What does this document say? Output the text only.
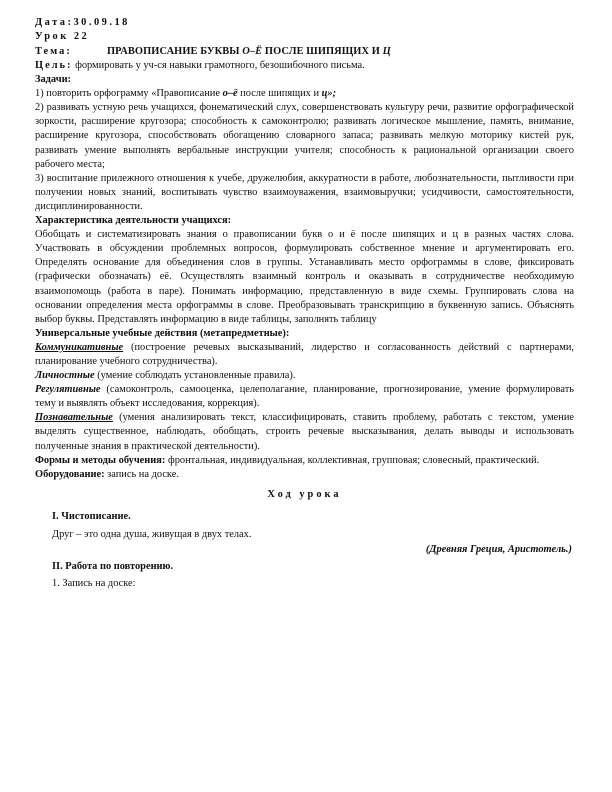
Дата:30.09.18
Урок 22
Тема:	ПРАВОПИСАНИЕ БУКВЫ О–Ё ПОСЛЕ ШИПЯЩИХ И Ц

Цель: формировать у уч-ся навыки грамотного, безошибочного письма.

Задачи:

1) повторить орфограмму «Правописание о–ё после шипящих и ц»;

2) развивать устную речь учащихся, фонематический слух, совершенствовать культуру речи, развитие орфографической зоркости, расширение кругозора; способность к самоконтролю; развивать логическое мышление, память, внимание, расширение кругозора, способствовать обогащению словарного запаса; развивать мелкую моторику кистей рук, развивать умение выполнять вербальные инструкции учителя; способность к рациональной организации своего рабочего места;

3) воспитание прилежного отношения к учебе, дружелюбия, аккуратности в работе, любознательности, пытливости при получении новых знаний, воспитывать чувство взаимоуважения, взаимовыручки; усидчивости, самостоятельности, дисциплинированности.

Характеристика деятельности учащихся:

Обобщать и систематизировать знания о правописании букв о и ё после шипящих и ц в разных частях слова. Участвовать в обсуждении проблемных вопросов, формулировать собственное мнение и аргументировать его. Определять основание для объединения слов в группы. Устанавливать место орфограммы в слове, фиксировать (графически обозначать) её. Осуществлять взаимный контроль и оказывать в сотрудничестве необходимую взаимопомощь (работа в паре). Понимать информацию, представленную в виде схемы. Группировать слова на основании определения места орфограммы в слове. Преобразовывать транскрипцию в буквенную запись. Объяснять выбор буквы. Представлять информацию в виде таблицы, заполнять таблицу

Универсальные учебные действия (метапредметные):

Коммуникативные (построение речевых высказываний, лидерство и согласованность действий с партнерами, планирование учебного сотрудничества).

Личностные (умение соблюдать установленные правила).

Регулятивные (самоконтроль, самооценка, целеполагание, планирование, прогнозирование, умение формулировать тему и выявлять объект исследования, коррекция).

Познавательные (умения анализировать текст, классифицировать, ставить проблему, работать с текстом, умение выделять существенное, наблюдать, обобщать, строить речевые высказывания, делать выводы и использовать полученные знания в практической деятельности).

Формы и методы обучения: фронтальная, индивидуальная, коллективная, групповая; словесный, практический.

Оборудование: запись на доске.

Ход урока

I. Чистописание.

Друг – это одна душа, живущая в двух телах.

(Древняя Греция, Аристотель.)

II. Работа по повторению.

1. Запись на доске:
